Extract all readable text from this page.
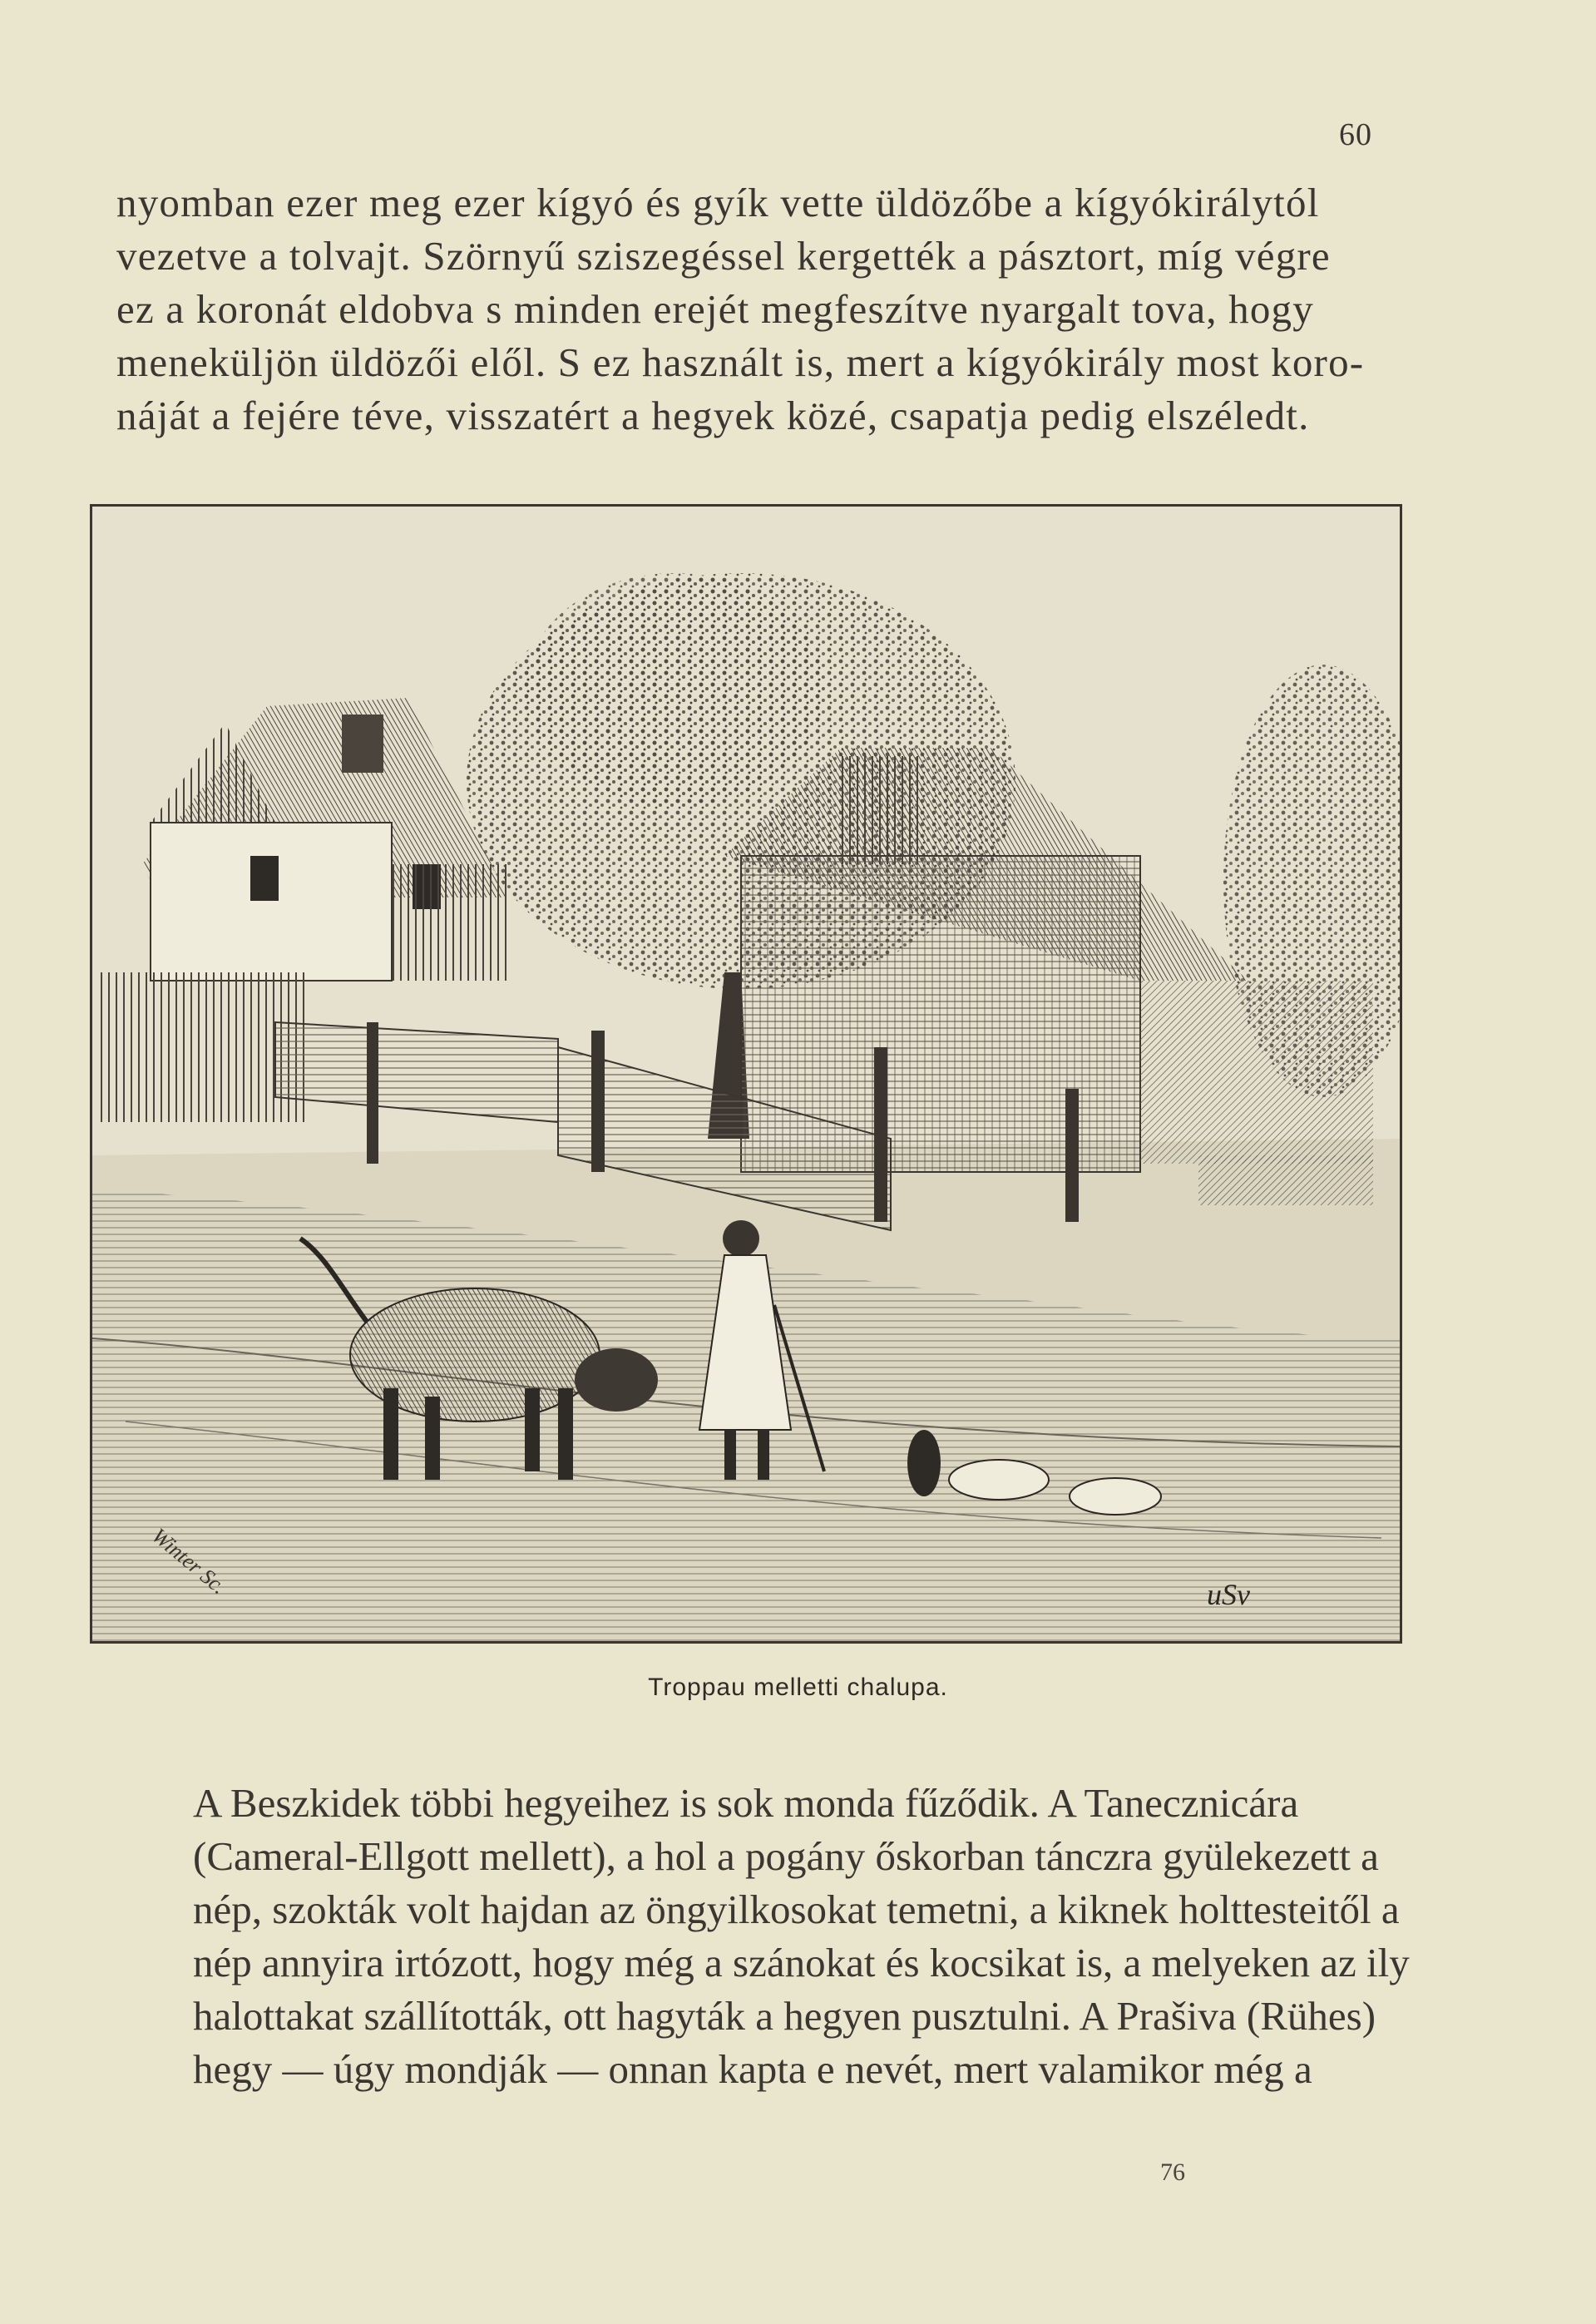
60
nyomban ezer meg ezer kígyó és gyík vette üldözőbe a kígyókirálytól
vezetve a tolvajt. Szörnyű sziszegéssel kergették a pásztort, míg végre
ez a koronát eldobva s minden erejét megfeszítve nyargalt tova, hogy
meneküljön üldözői elől. S ez használt is, mert a kígyókirály most koro-
náját a fejére téve, visszatért a hegyek közé, csapatja pedig elszéledt.
Winter Sc.	uSv
Troppau melletti chalupa.
A Beszkidek többi hegyeihez is sok monda fűződik. A Tanecznicára
(Cameral-Ellgott mellett), a hol a pogány őskorban tánczra gyülekezett a
nép, szokták volt hajdan az öngyilkosokat temetni, a kiknek holttesteitől a
nép annyira irtózott, hogy még a szánokat és kocsikat is, a melyeken az ily
halottakat szállították, ott hagyták a hegyen pusztulni. A Prašiva (Rühes)
hegy — úgy mondják — onnan kapta e nevét, mert valamikor még a
76
